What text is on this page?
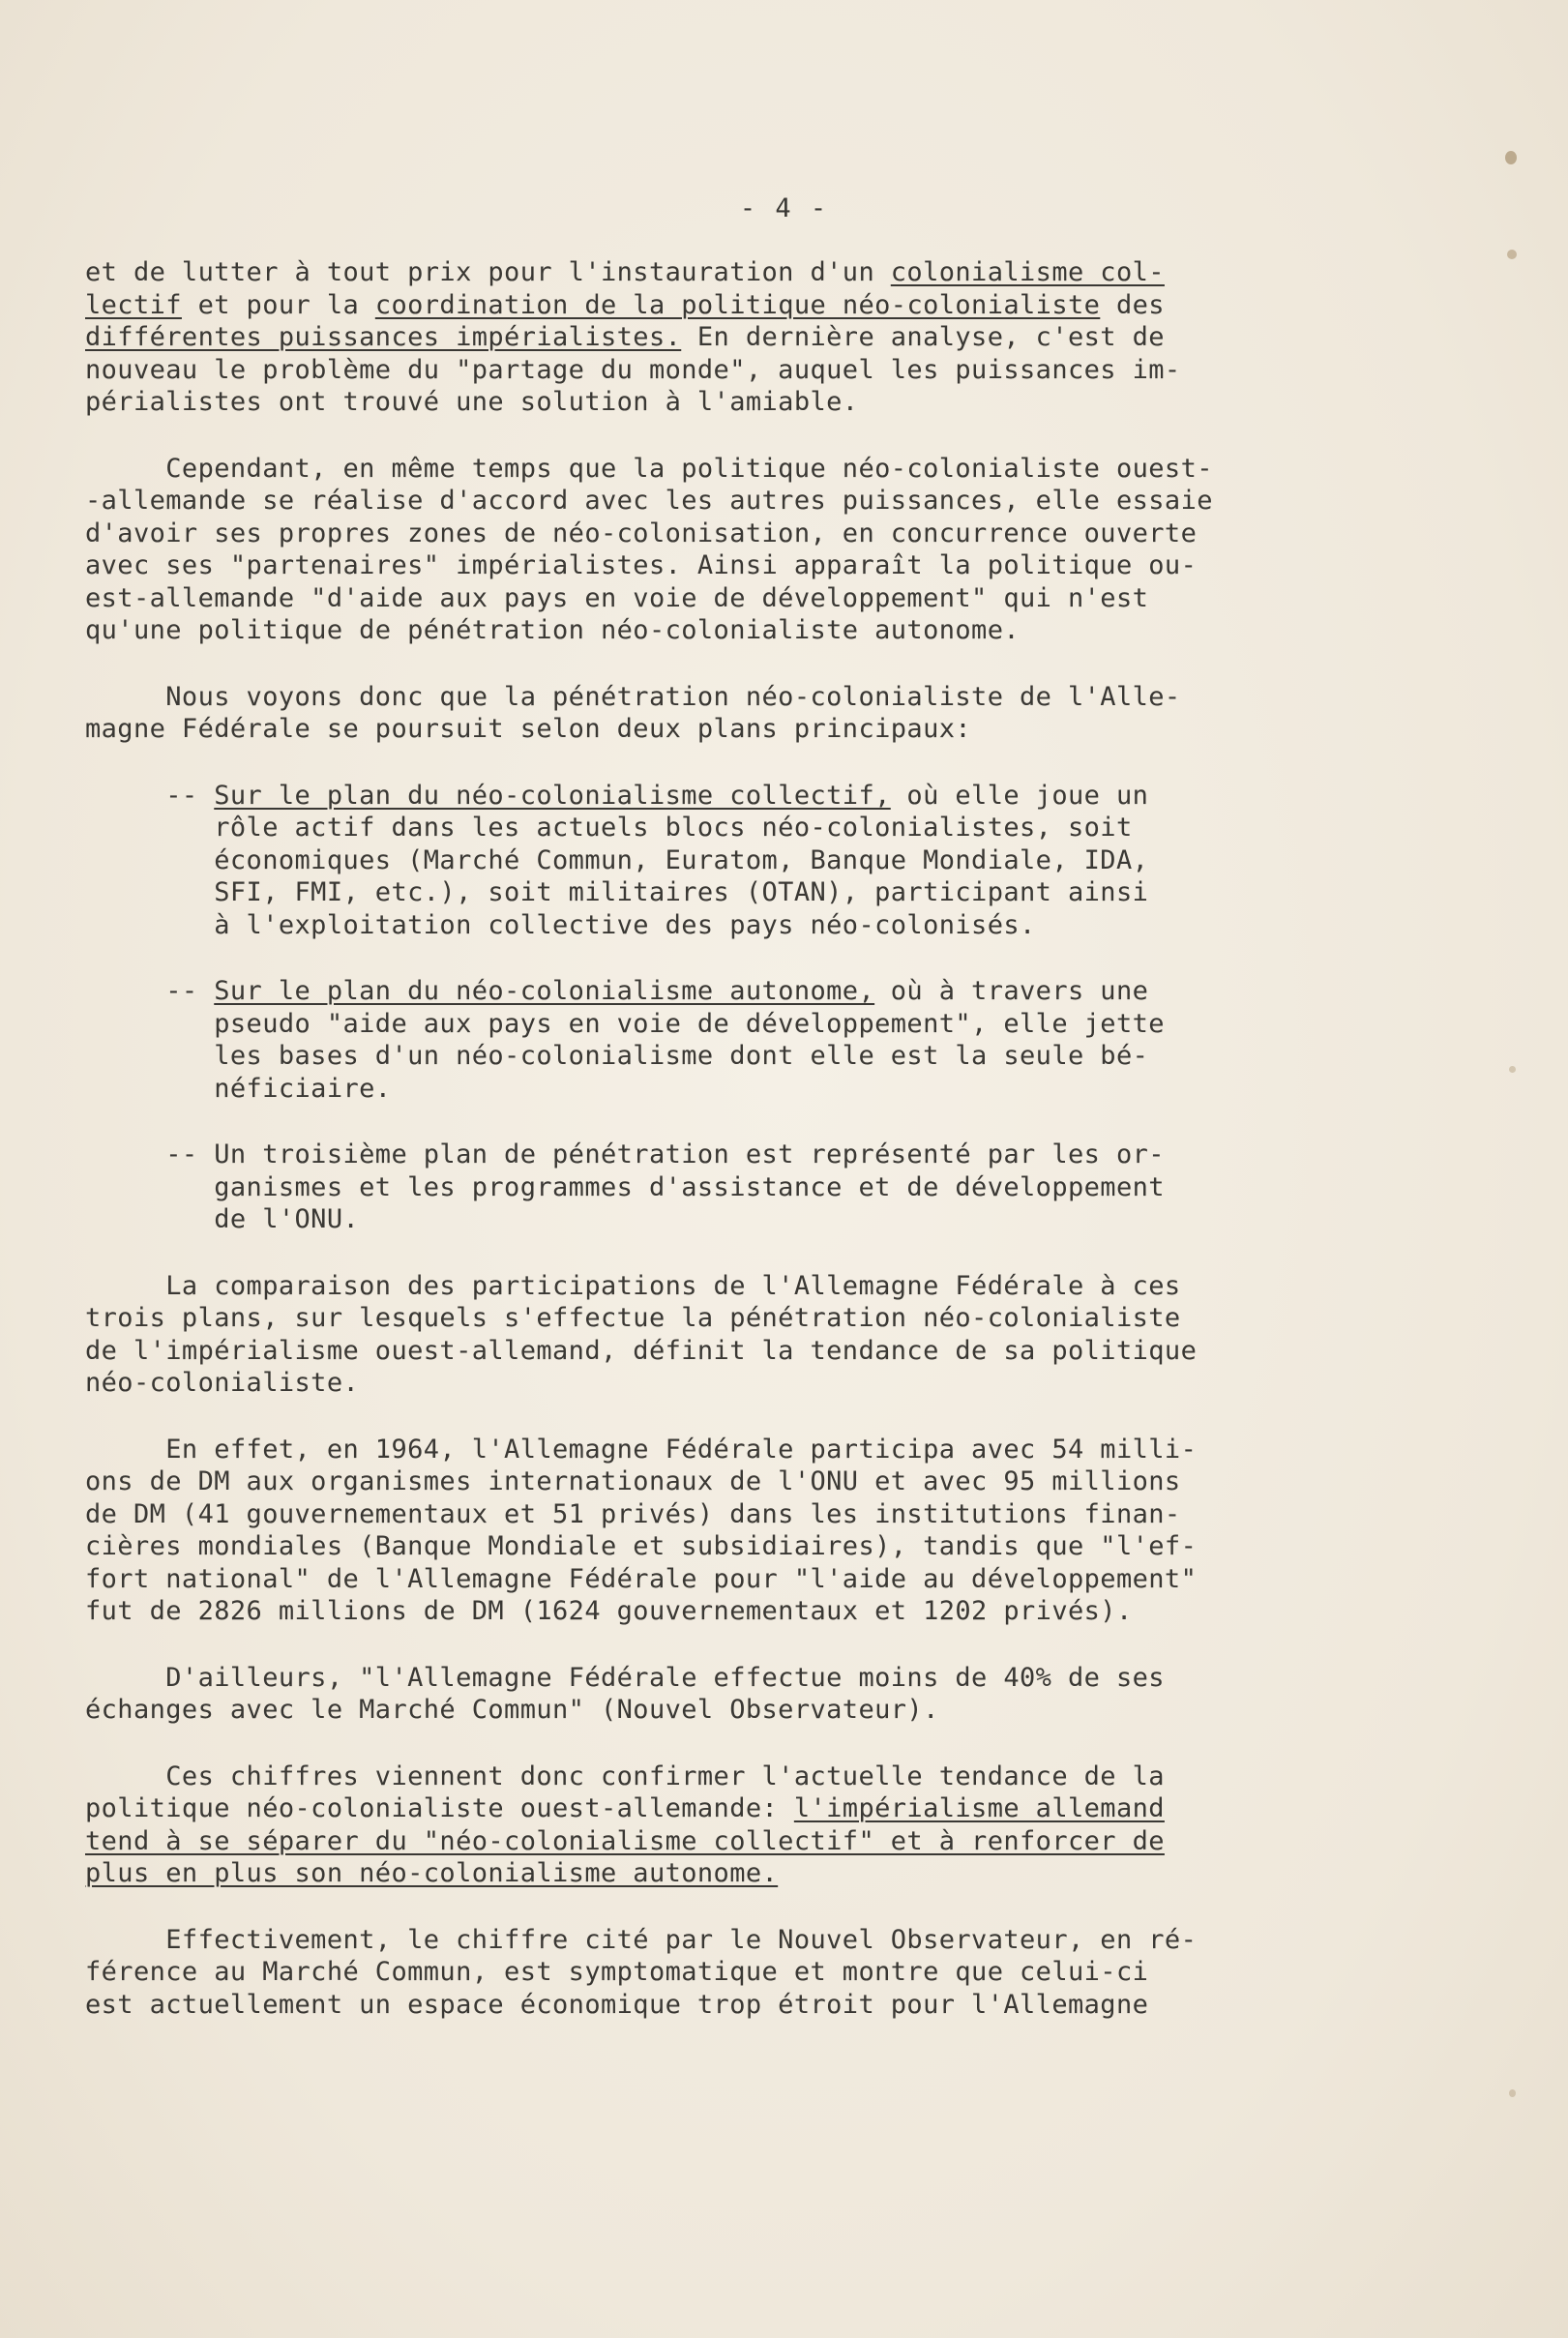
- 4 -
et de lutter à tout prix pour l'instauration d'un colonialisme col-
lectif et pour la coordination de la politique néo-colonialiste des
différentes puissances impérialistes. En dernière analyse, c'est de
nouveau le problème du "partage du monde", auquel les puissances im-
périalistes ont trouvé une solution à l'amiable.
Cependant, en même temps que la politique néo-colonialiste ouest-
-allemande se réalise d'accord avec les autres puissances, elle essaie
d'avoir ses propres zones de néo-colonisation, en concurrence ouverte
avec ses "partenaires" impérialistes. Ainsi apparaît la politique ou-
est-allemande "d'aide aux pays en voie de développement" qui n'est
qu'une politique de pénétration néo-colonialiste autonome.
Nous voyons donc que la pénétration néo-colonialiste de l'Alle-
magne Fédérale se poursuit selon deux plans principaux:
-- Sur le plan du néo-colonialisme collectif, où elle joue un
rôle actif dans les actuels blocs néo-colonialistes, soit
économiques (Marché Commun, Euratom, Banque Mondiale, IDA,
SFI, FMI, etc.), soit militaires (OTAN), participant ainsi
à l'exploitation collective des pays néo-colonisés.
-- Sur le plan du néo-colonialisme autonome, où à travers une
pseudo "aide aux pays en voie de développement", elle jette
les bases d'un néo-colonialisme dont elle est la seule bé-
néficiaire.
-- Un troisième plan de pénétration est représenté par les or-
ganismes et les programmes d'assistance et de développement
de l'ONU.
La comparaison des participations de l'Allemagne Fédérale à ces
trois plans, sur lesquels s'effectue la pénétration néo-colonialiste
de l'impérialisme ouest-allemand, définit la tendance de sa politique
néo-colonialiste.
En effet, en 1964, l'Allemagne Fédérale participa avec 54 milli-
ons de DM aux organismes internationaux de l'ONU et avec 95 millions
de DM (41 gouvernementaux et 51 privés) dans les institutions finan-
cières mondiales (Banque Mondiale et subsidiaires), tandis que "l'ef-
fort national" de l'Allemagne Fédérale pour "l'aide au développement"
fut de 2826 millions de DM (1624 gouvernementaux et 1202 privés).
D'ailleurs, "l'Allemagne Fédérale effectue moins de 40% de ses
échanges avec le Marché Commun" (Nouvel Observateur).
Ces chiffres viennent donc confirmer l'actuelle tendance de la
politique néo-colonialiste ouest-allemande: l'impérialisme allemand
tend à se séparer du "néo-colonialisme collectif" et à renforcer de
plus en plus son néo-colonialisme autonome.
Effectivement, le chiffre cité par le Nouvel Observateur, en ré-
férence au Marché Commun, est symptomatique et montre que celui-ci
est actuellement un espace économique trop étroit pour l'Allemagne
